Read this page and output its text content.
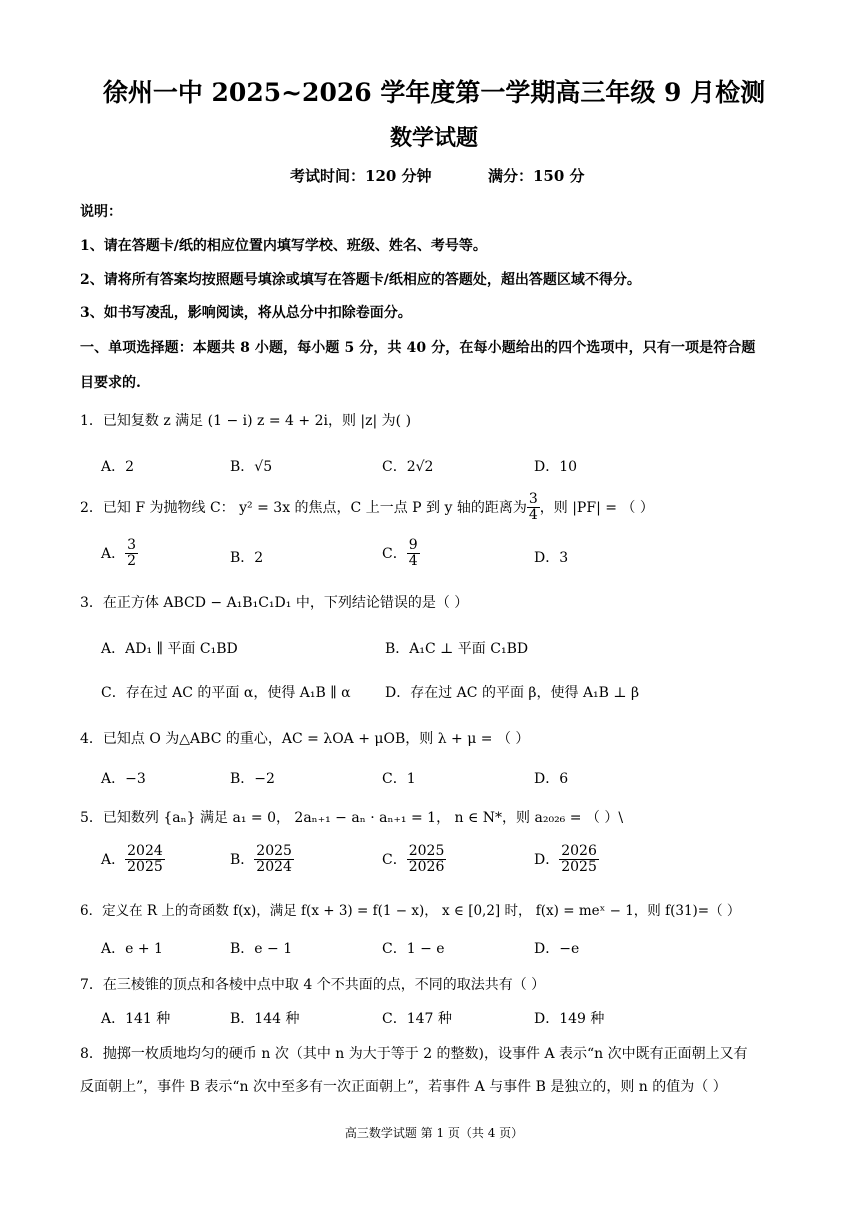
徐州一中 2025~2026 学年度第一学期高三年级 9 月检测
数学试题
考试时间：120 分钟	满分：150 分
说明：
1、请在答题卡/纸的相应位置内填写学校、班级、姓名、考号等。
2、请将所有答案均按照题号填涂或填写在答题卡/纸相应的答题处，超出答题区域不得分。
3、如书写凌乱，影响阅读，将从总分中扣除卷面分。
一、单项选择题：本题共 8 小题，每小题 5 分，共 40 分，在每小题给出的四个选项中，只有一项是符合题
目要求的.
1．已知复数 z 满足 (1 − i) z = 4 + 2i，则 |z| 为( )
A．2	B．√5	C．2√2	D．10
2．已知 F 为抛物线 C： y² = 3x 的焦点，C 上一点 P 到 y 轴的距离为 $\frac{3}{4}$ ，则 |PF| = （ ）
A． $\frac{3}{2}$	B．2	C． $\frac{9}{4}$	D．3
3．在正方体 ABCD − A₁B₁C₁D₁ 中，下列结论错误的是（ ）
A．AD₁ ∥ 平面 C₁BD	B．A₁C ⊥ 平面 C₁BD
C．存在过 AC 的平面 α，使得 A₁B ∥ α D．存在过 AC 的平面 β，使得 A₁B ⊥ β
4．已知点 O 为△ABC 的重心，AC = λOA + μOB，则 λ + μ = （ ）
A．−3	B．−2	C．1	D．6
5．已知数列 {aₙ} 满足 a₁ = 0， 2aₙ₊₁ − aₙ · aₙ₊₁ = 1， n ∈ N*，则 a₂₀₂₆ = （ ）\
A． $\frac{2024}{2025}$	B． $\frac{2025}{2024}$	C． $\frac{2025}{2026}$	D． $\frac{2026}{2025}$
6．定义在 R 上的奇函数 f(x)，满足 f(x + 3) = f(1 − x)， x ∈ [0,2] 时， f(x) = meˣ − 1，则 f(31)=（ ）
A．e + 1	B．e − 1	C．1 − e	D．−e
7．在三棱锥的顶点和各棱中点中取 4 个不共面的点，不同的取法共有（ ）
A．141 种	B．144 种	C．147 种	D．149 种
8．抛掷一枚质地均匀的硬币 n 次（其中 n 为大于等于 2 的整数)，设事件 A 表示“n 次中既有正面朝上又有
反面朝上”，事件 B 表示“n 次中至多有一次正面朝上”，若事件 A 与事件 B 是独立的，则 n 的值为（ ）
高三数学试题 第 1 页（共 4 页）
